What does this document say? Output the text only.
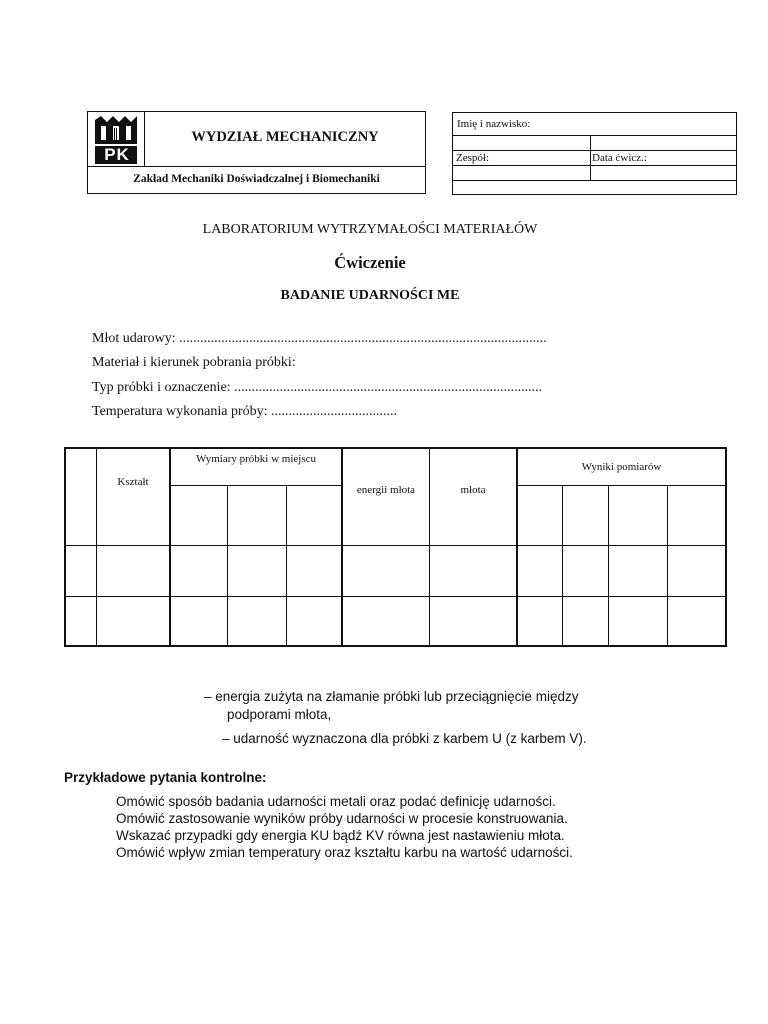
PK
WYDZIAŁ MECHANICZNY
Zakład Mechaniki Doświadczalnej i Biomechaniki
Imię i nazwisko:
Zespół:	Data ćwicz.:
LABORATORIUM WYTRZYMAŁOŚCI MATERIAŁÓW
Ćwiczenie
BADANIE UDARNOŚCI ME
Młot udarowy: .........................................................................................................
Materiał i kierunek pobrania próbki:
Typ próbki i oznaczenie: ........................................................................................
Temperatura wykonania próby: ....................................
Kształt
Wymiary próbki w miejscu
energii młota	młota
Wyniki pomiarów
– energia zużyta na złamanie próbki lub przeciągnięcie między
podporami młota,
– udarność wyznaczona dla próbki z karbem U (z karbem V).
Przykładowe pytania kontrolne:
Omówić sposób badania udarności metali oraz podać definicję udarności.
Omówić zastosowanie wyników próby udarności w procesie konstruowania.
Wskazać przypadki gdy energia KU bądź KV równa jest nastawieniu młota.
Omówić wpływ zmian temperatury oraz kształtu karbu na wartość udarności.
